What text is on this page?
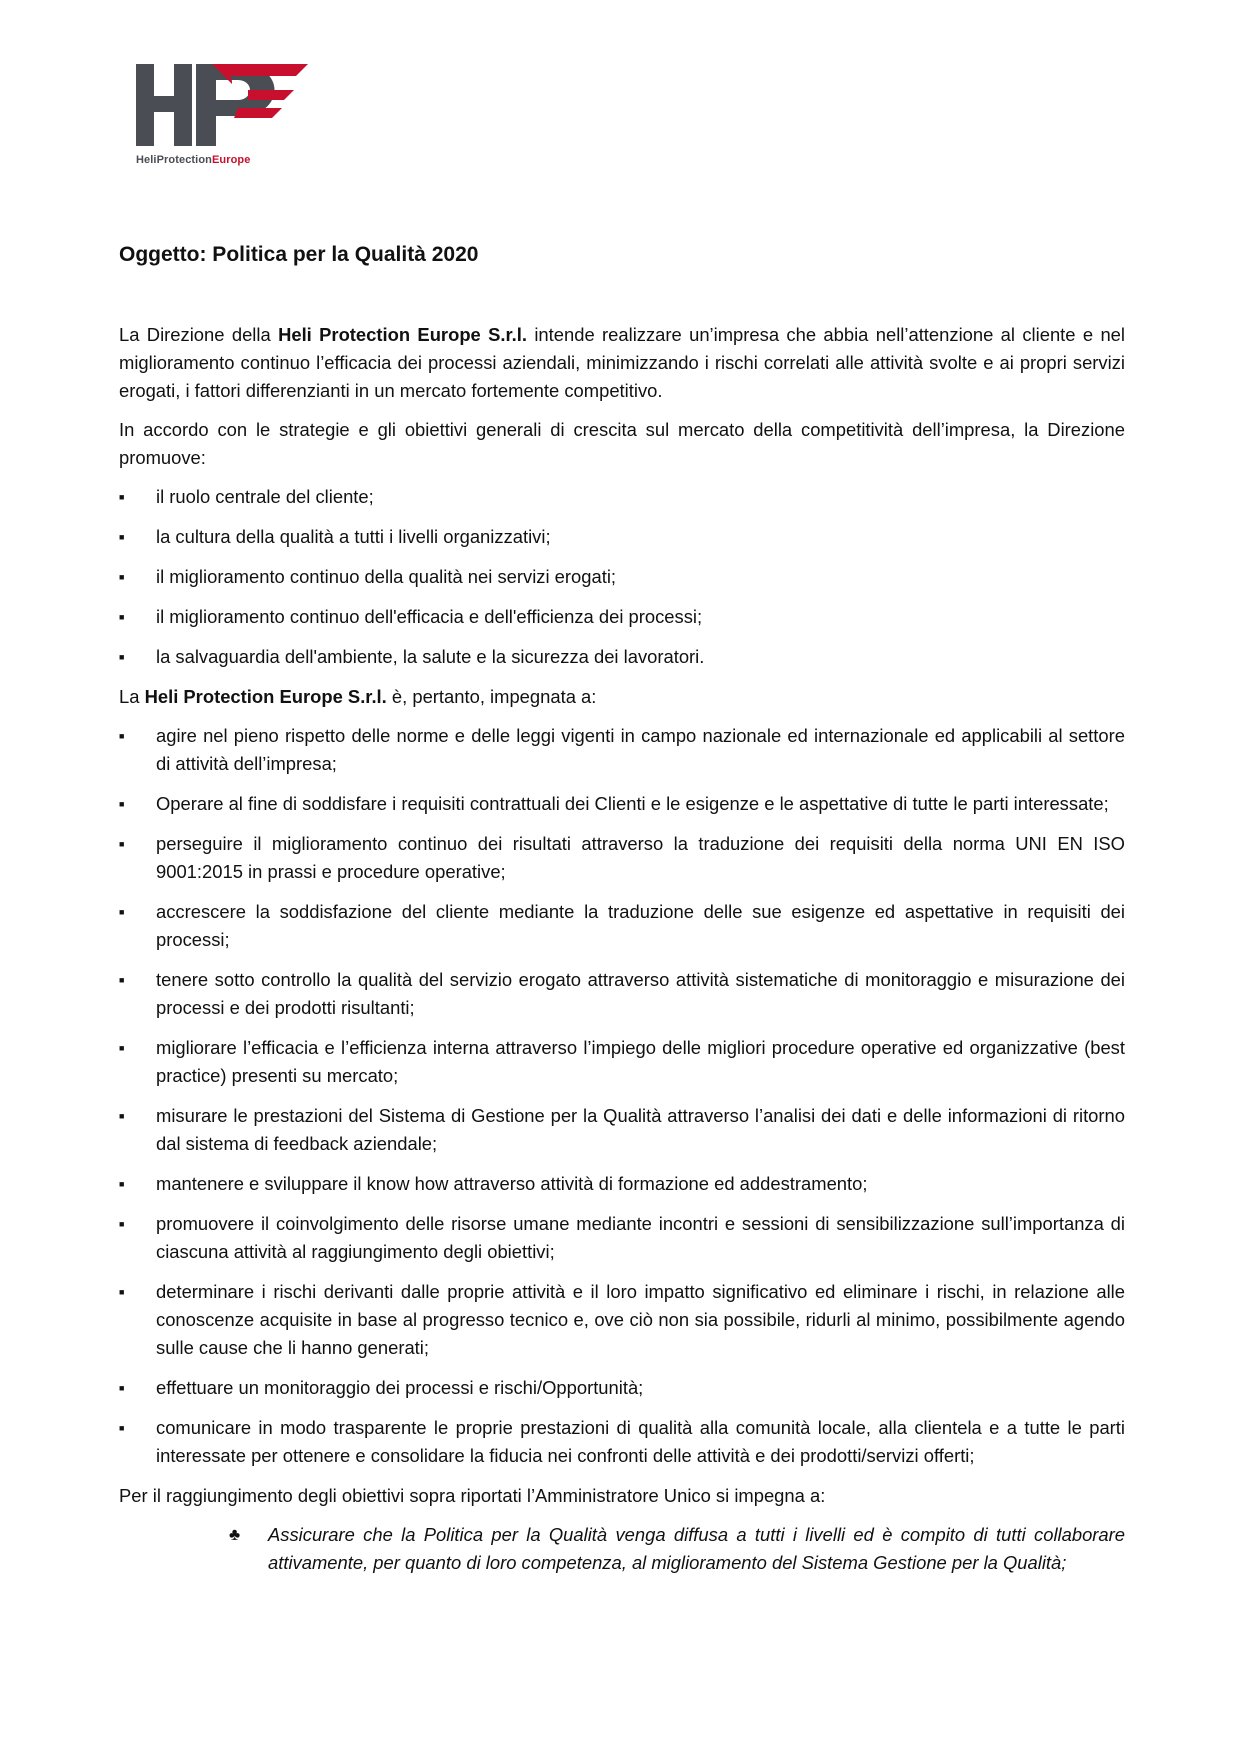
HeliProtectionEurope
Oggetto: Politica per la Qualità 2020

La Direzione della Heli Protection Europe S.r.l. intende realizzare un’impresa che abbia nell’attenzione al cliente e nel miglioramento continuo l’efficacia dei processi aziendali, minimizzando i rischi correlati alle attività svolte e ai propri servizi erogati, i fattori differenzianti in un mercato fortemente competitivo.

In accordo con le strategie e gli obiettivi generali di crescita sul mercato della competitività dell’impresa, la Direzione promuove:

■
il ruolo centrale del cliente;
■
la cultura della qualità a tutti i livelli organizzativi;
■
il miglioramento continuo della qualità nei servizi erogati;
■
il miglioramento continuo dell'efficacia e dell'efficienza dei processi;
■
la salvaguardia dell'ambiente, la salute e la sicurezza dei lavoratori.

La Heli Protection Europe S.r.l. è, pertanto, impegnata a:

■
agire nel pieno rispetto delle norme e delle leggi vigenti in campo nazionale ed internazionale ed applicabili al settore di attività dell’impresa;
■
Operare al fine di soddisfare i requisiti contrattuali dei Clienti e le esigenze e le aspettative di tutte le parti interessate;
■
perseguire il miglioramento continuo dei risultati attraverso la traduzione dei requisiti della norma UNI EN ISO 9001:2015 in prassi e procedure operative;
■
accrescere la soddisfazione del cliente mediante la traduzione delle sue esigenze ed aspettative in requisiti dei processi;
■
tenere sotto controllo la qualità del servizio erogato attraverso attività sistematiche di monitoraggio e misurazione dei processi e dei prodotti risultanti;
■
migliorare l’efficacia e l’efficienza interna attraverso l’impiego delle migliori procedure operative ed organizzative (best practice) presenti su mercato;
■
misurare le prestazioni del Sistema di Gestione per la Qualità attraverso l’analisi dei dati e delle informazioni di ritorno dal sistema di feedback aziendale;
■
mantenere e sviluppare il know how attraverso attività di formazione ed addestramento;
■
promuovere il coinvolgimento delle risorse umane mediante incontri e sessioni di sensibilizzazione sull’importanza di ciascuna attività al raggiungimento degli obiettivi;
■
determinare i rischi derivanti dalle proprie attività e il loro impatto significativo ed eliminare i rischi, in relazione alle conoscenze acquisite in base al progresso tecnico e, ove ciò non sia possibile, ridurli al minimo, possibilmente agendo sulle cause che li hanno generati;
■
effettuare un monitoraggio dei processi e rischi/Opportunità;
■
comunicare in modo trasparente le proprie prestazioni di qualità alla comunità locale, alla clientela e a tutte le parti interessate per ottenere e consolidare la fiducia nei confronti delle attività e dei prodotti/servizi offerti;

Per il raggiungimento degli obiettivi sopra riportati l’Amministratore Unico si impegna a:

♣ Assicurare che la Politica per la Qualità venga diffusa a tutti i livelli ed è compito di tutti collaborare attivamente, per quanto di loro competenza, al miglioramento del Sistema Gestione per la Qualità;
